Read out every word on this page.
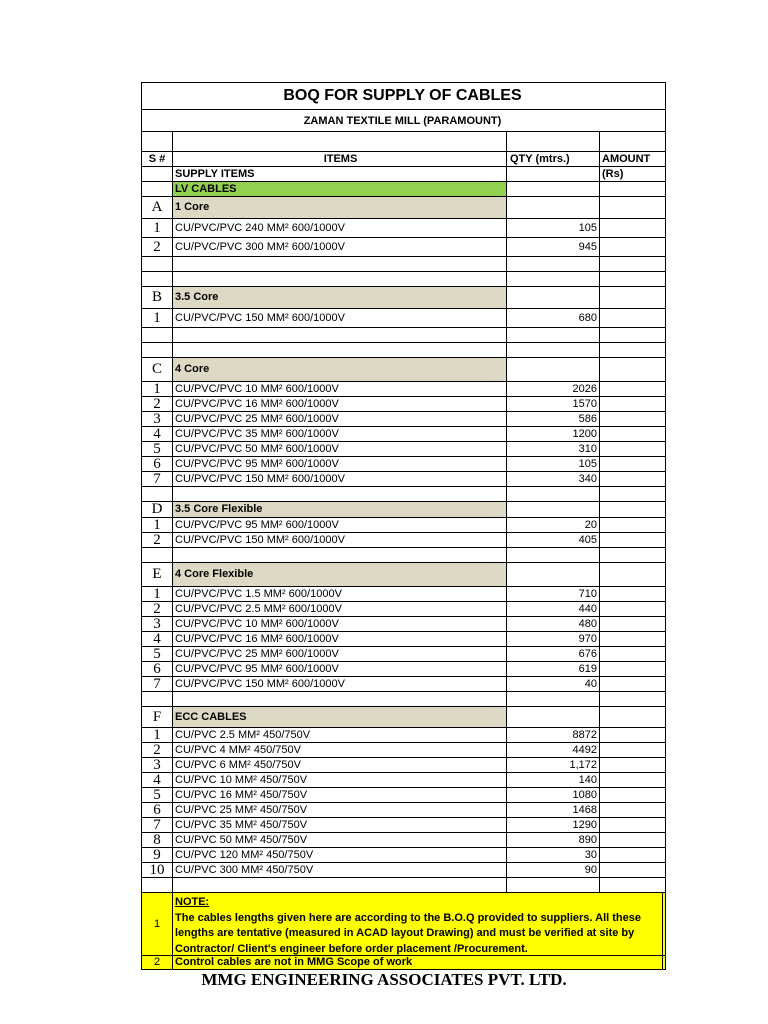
BOQ FOR SUPPLY OF CABLES
ZAMAN TEXTILE MILL (PARAMOUNT)
S #	ITEMS	QTY (mtrs.)	AMOUNT
SUPPLY ITEMS	(Rs)
LV CABLES
A	1 Core
1	CU/PVC/PVC 240 MM² 600/1000V	105
2	CU/PVC/PVC 300 MM² 600/1000V	945
B	3.5 Core
1	CU/PVC/PVC 150 MM² 600/1000V	680
C	4 Core
1	CU/PVC/PVC 10 MM² 600/1000V	2026
2	CU/PVC/PVC 16 MM² 600/1000V	1570
3	CU/PVC/PVC 25 MM² 600/1000V	586
4	CU/PVC/PVC 35 MM² 600/1000V	1200
5	CU/PVC/PVC 50 MM² 600/1000V	310
6	CU/PVC/PVC 95 MM² 600/1000V	105
7	CU/PVC/PVC 150 MM² 600/1000V	340
D	3.5 Core Flexible
1	CU/PVC/PVC 95 MM² 600/1000V	20
2	CU/PVC/PVC 150 MM² 600/1000V	405
E	4 Core Flexible
1	CU/PVC/PVC 1.5 MM² 600/1000V	710
2	CU/PVC/PVC 2.5 MM² 600/1000V	440
3	CU/PVC/PVC 10 MM² 600/1000V	480
4	CU/PVC/PVC 16 MM² 600/1000V	970
5	CU/PVC/PVC 25 MM² 600/1000V	676
6	CU/PVC/PVC 95 MM² 600/1000V	619
7	CU/PVC/PVC 150 MM² 600/1000V	40
F	ECC CABLES
1	CU/PVC 2.5 MM² 450/750V	8872
2	CU/PVC 4 MM² 450/750V	4492
3	CU/PVC 6 MM² 450/750V	1,172
4	CU/PVC 10 MM² 450/750V	140
5	CU/PVC 16 MM² 450/750V	1080
6	CU/PVC 25 MM² 450/750V	1468
7	CU/PVC 35 MM² 450/750V	1290
8	CU/PVC 50 MM² 450/750V	890
9	CU/PVC 120 MM² 450/750V	30
10 CU/PVC 300 MM² 450/750V	90
1
NOTE:
The cables lengths given here are according to the B.O.Q provided to suppliers. All these lengths are tentative (measured in ACAD layout Drawing) and must be verified at site by Contractor/ Client's engineer before order placement /Procurement.
2	Control cables are not in MMG Scope of work
MMG ENGINEERING ASSOCIATES PVT. LTD.
